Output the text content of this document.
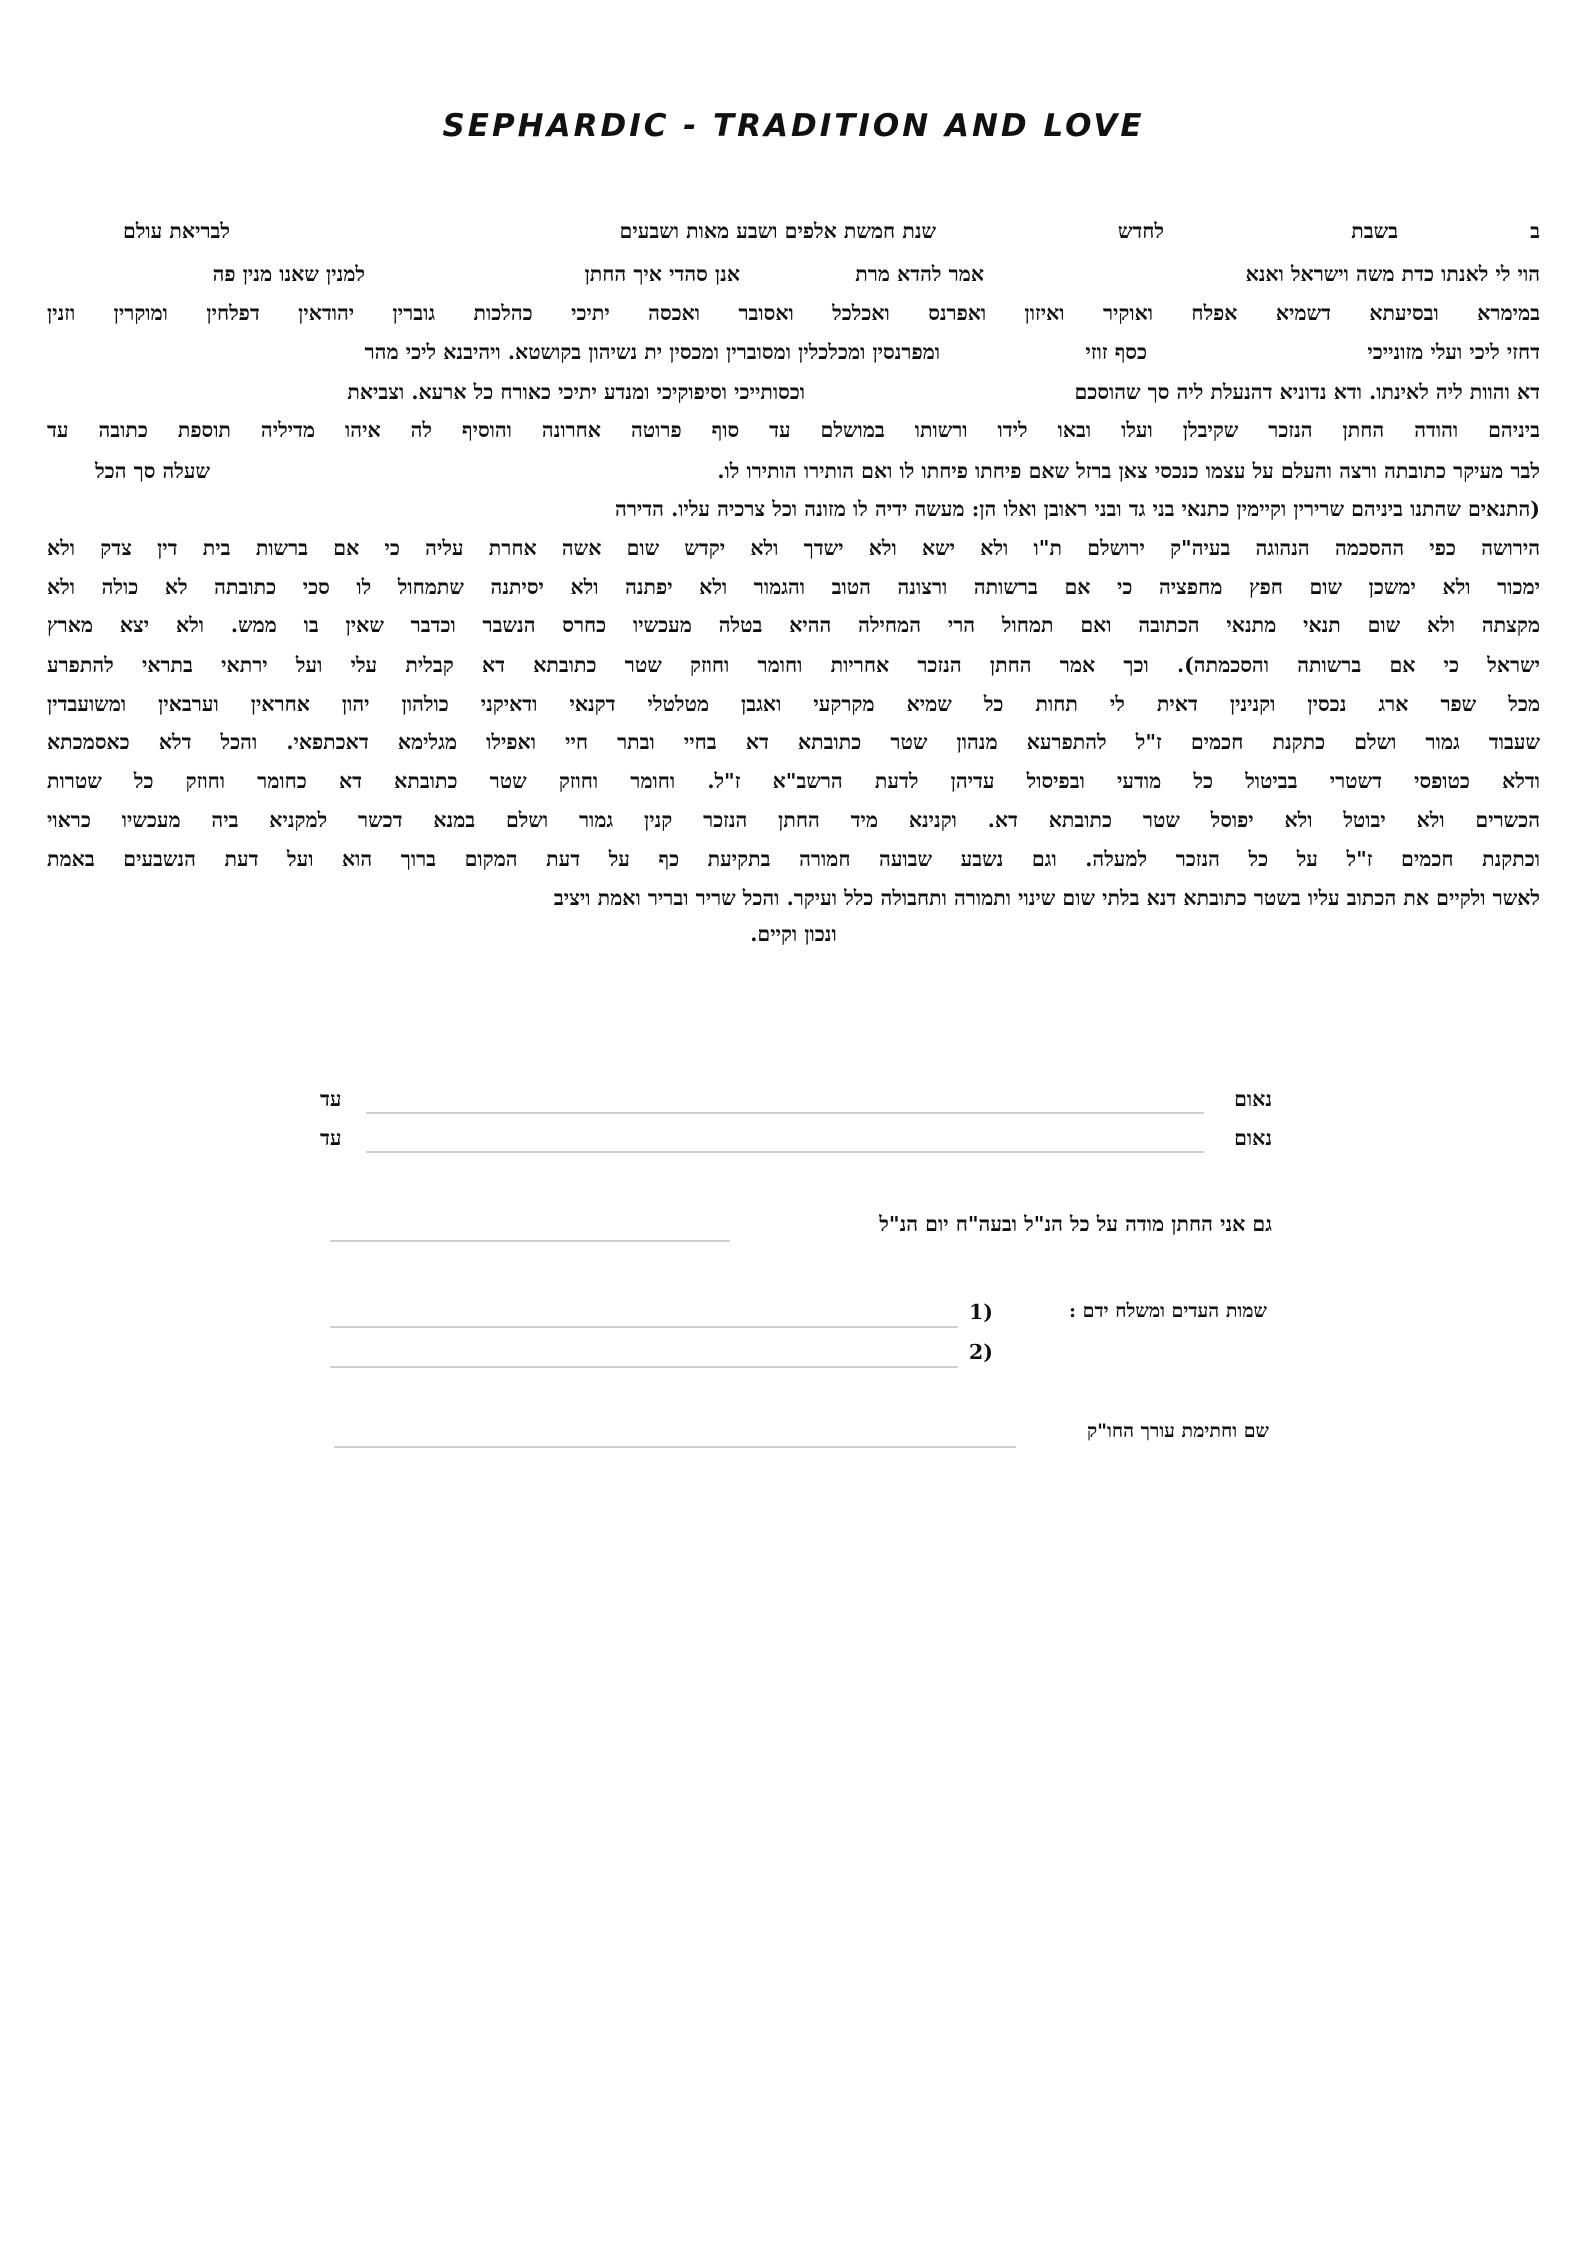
SEPHARDIC - TRADITION AND LOVE
ב
בשבת
לחדש
שנת חמשת אלפים ושבע מאות ושבעים
לבריאת עולם
הוי לי לאנתו כדת משה וישראל ואנא
אמר להדא מרת
אנן סהדי איך החתן
למנין שאנו מנין פה
במימרא ובסיעתא דשמיא אפלח ואוקיר ואיזון ואפרנס ואכלכל ואסובר ואכסה יתיכי כהלכות גוברין יהודאין דפלחין ומוקרין וזנין
דחזי ליכי ועלי מזונייכי
כסף זוזי
ומפרנסין ומכלכלין ומסוברין ומכסין ית נשיהון בקושטא. ויהיבנא ליכי מהר
דא והוות ליה לאינתו. ודא נדוניא דהנעלת ליה סך שהוסכם
וכסותייכי וסיפוקיכי ומנדע יתיכי כאורח כל ארעא. וצביאת
ביניהם והודה החתן הנזכר שקיבלן ועלו ובאו לידו ורשותו במושלם עד סוף פרוטה אחרונה והוסיף לה איהו מדיליה תוספת כתובה עד
לבר מעיקר כתובתה ורצה והעלם על עצמו כנכסי צאן ברזל שאם פיחתו פיחתו לו ואם הותירו הותירו לו.
שעלה סך הכל
(התנאים שהתנו ביניהם שרירין וקיימין כתנאי בני גד ובני ראובן ואלו הן: מעשה ידיה לו מזונה וכל צרכיה עליו. הדירה
הירושה כפי ההסכמה הנהוגה בעיה"ק ירושלם ת"ו ולא ישא ולא ישדך ולא יקדש שום אשה אחרת עליה כי אם ברשות בית דין צדק ולא
ימכור ולא ימשכן שום חפץ מחפציה כי אם ברשותה ורצונה הטוב והגמור ולא יפתנה ולא יסיתנה שתמחול לו סכי כתובתה לא כולה ולא
מקצתה ולא שום תנאי מתנאי הכתובה ואם תמחול הרי המחילה ההיא בטלה מעכשיו כחרס הנשבר וכדבר שאין בו ממש. ולא יצא מארץ
ישראל כי אם ברשותה והסכמתה). וכך אמר החתן הנזכר אחריות וחומר וחוזק שטר כתובתא דא קבלית עלי ועל ירתאי בתראי להתפרע
מכל שפר ארג נכסין וקנינין דאית לי תחות כל שמיא מקרקעי ואגבן מטלטלי דקנאי ודאיקני כולהון יהון אחראין וערבאין ומשועבדין
שעבוד גמור ושלם כתקנת חכמים ז"ל להתפרעא מנהון שטר כתובתא דא בחיי ובתר חיי ואפילו מגלימא דאכתפאי. והכל דלא כאסמכתא
ודלא כטופסי דשטרי בביטול כל מודעי ובפיסול עדיהן לדעת הרשב"א ז"ל. וחומר וחוזק שטר כתובתא דא כחומר וחוזק כל שטרות
הכשרים ולא יבוטל ולא יפוסל שטר כתובתא דא. וקנינא מיד החתן הנזכר קנין גמור ושלם במנא דכשר למקניא ביה מעכשיו כראוי
וכתקנת חכמים ז"ל על כל הנזכר למעלה. וגם נשבע שבועה חמורה בתקיעת כף על דעת המקום ברוך הוא ועל דעת הנשבעים באמת
לאשר ולקיים את הכתוב עליו בשטר כתובתא דנא בלתי שום שינוי ותמורה ותחבולה כלל ועיקר. והכל שריר ובריר ואמת ויציב
ונכון וקיים.
נאום
עד
נאום
עד
גם אני החתן מודה על כל הנ"ל ובעה"ח יום הנ"ל
שמות העדים ומשלח ידם :
1)
2)
שם וחתימת עורך החו"ק
